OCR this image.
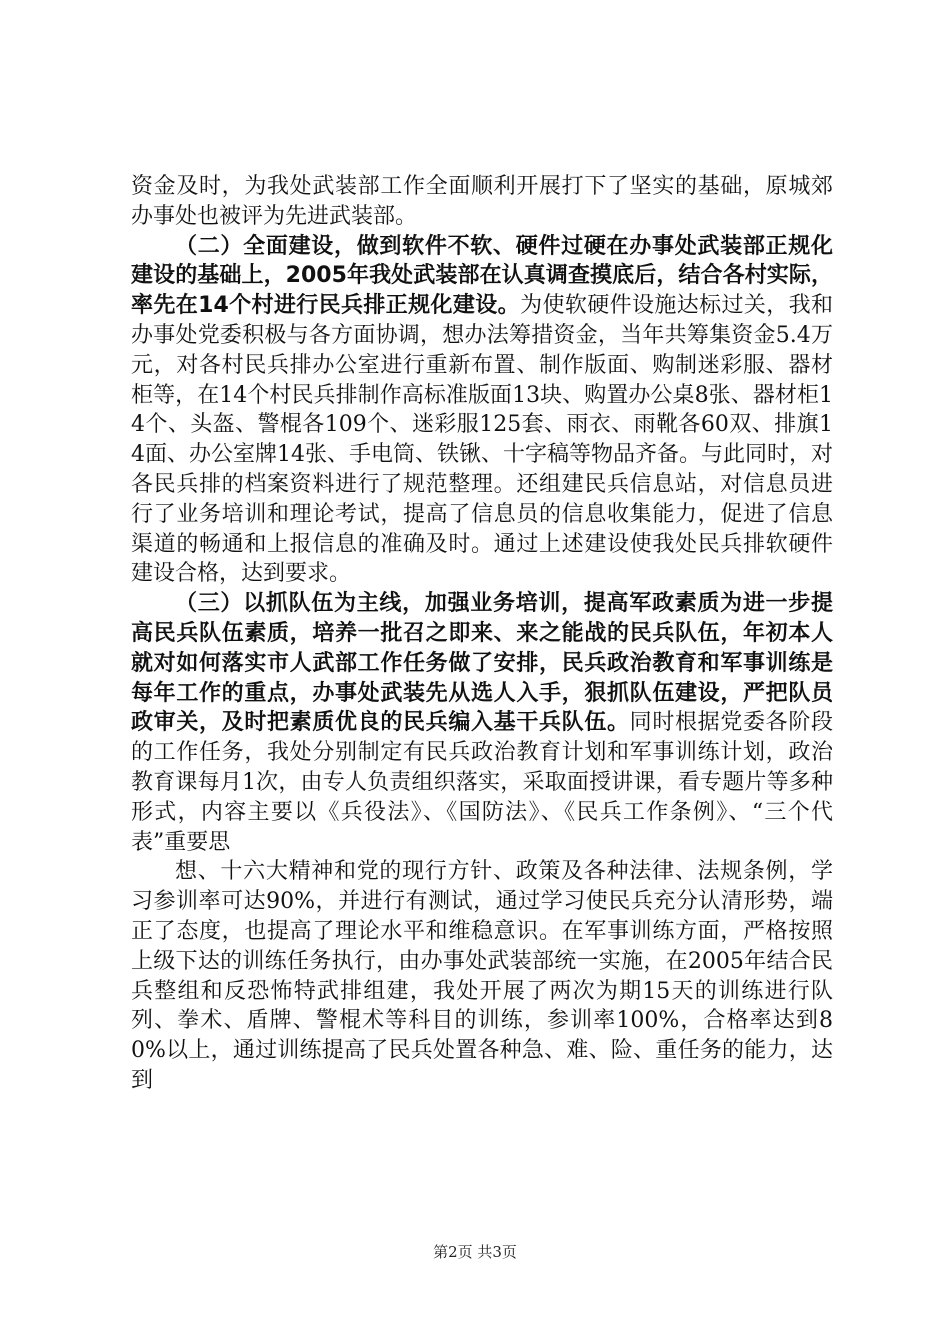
资金及时，为我处武装部工作全面顺利开展打下了坚实的基础，原城郊办事处也被评为先进武装部。

（二）全面建设，做到软件不软、硬件过硬在办事处武装部正规化建设的基础上，2005年我处武装部在认真调查摸底后，结合各村实际，率先在14个村进行民兵排正规化建设。为使软硬件设施达标过关，我和办事处党委积极与各方面协调，想办法筹措资金，当年共筹集资金5.4万元，对各村民兵排办公室进行重新布置、制作版面、购制迷彩服、器材柜等，在14个村民兵排制作高标准版面13块、购置办公桌8张、器材柜14个、头盔、警棍各109个、迷彩服125套、雨衣、雨靴各60双、排旗14面、办公室牌14张、手电筒、铁锹、十字稿等物品齐备。与此同时，对各民兵排的档案资料进行了规范整理。还组建民兵信息站，对信息员进行了业务培训和理论考试，提高了信息员的信息收集能力，促进了信息渠道的畅通和上报信息的准确及时。通过上述建设使我处民兵排软硬件建设合格，达到要求。

（三）以抓队伍为主线，加强业务培训，提高军政素质为进一步提高民兵队伍素质，培养一批召之即来、来之能战的民兵队伍，年初本人就对如何落实市人武部工作任务做了安排，民兵政治教育和军事训练是每年工作的重点，办事处武装先从选人入手，狠抓队伍建设，严把队员政审关，及时把素质优良的民兵编入基干兵队伍。同时根据党委各阶段的工作任务，我处分别制定有民兵政治教育计划和军事训练计划，政治教育课每月1次，由专人负责组织落实，采取面授讲课，看专题片等多种形式，内容主要以《兵役法》、《国防法》、《民兵工作条例》、“三个代表”重要思

想、十六大精神和党的现行方针、政策及各种法律、法规条例，学习参训率可达90%，并进行有测试，通过学习使民兵充分认清形势，端正了态度，也提高了理论水平和维稳意识。在军事训练方面，严格按照上级下达的训练任务执行，由办事处武装部统一实施，在2005年结合民兵整组和反恐怖特武排组建，我处开展了两次为期15天的训练进行队列、拳术、盾牌、警棍术等科目的训练，参训率100%，合格率达到80%以上，通过训练提高了民兵处置各种急、难、险、重任务的能力，达到

第2页 共3页
